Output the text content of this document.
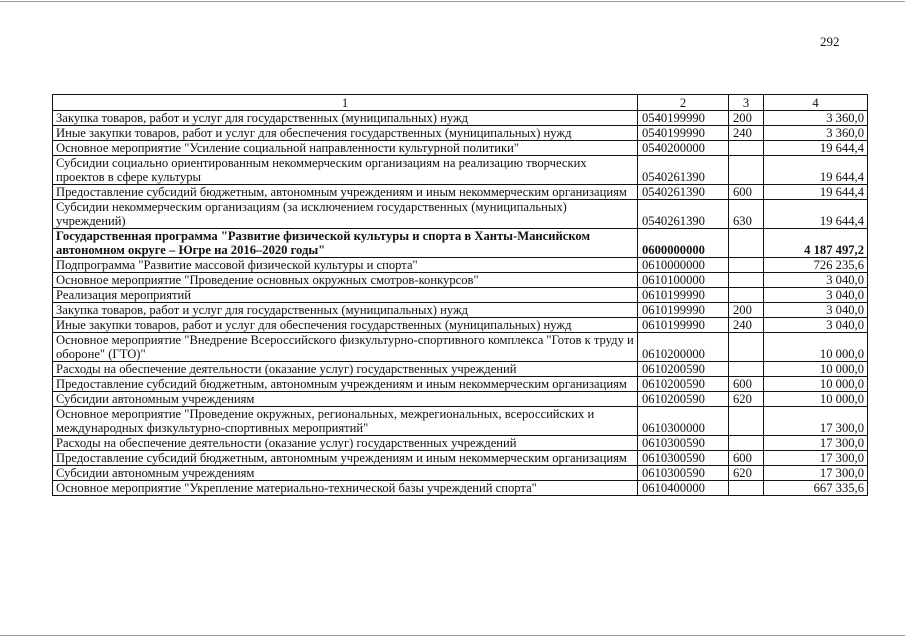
292
1	2	3	4
Закупка товаров, работ и услуг для государственных (муниципальных) нужд	0540199990	200	3 360,0
Иные закупки товаров, работ и услуг для обеспечения государственных (муниципальных) нужд	0540199990	240	3 360,0
Основное мероприятие "Усиление социальной направленности культурной политики"	0540200000		19 644,4
Субсидии социально ориентированным некоммерческим организациям на реализацию творческих проектов в сфере культуры	0540261390		19 644,4
Предоставление субсидий бюджетным, автономным учреждениям и иным некоммерческим организациям	0540261390	600	19 644,4
Субсидии некоммерческим организациям (за исключением государственных (муниципальных) учреждений)	0540261390	630	19 644,4
Государственная программа "Развитие физической культуры и спорта в Ханты-Мансийском автономном округе – Югре на 2016–2020 годы"	0600000000		4 187 497,2
Подпрограмма "Развитие массовой физической культуры и спорта"	0610000000		726 235,6
Основное мероприятие "Проведение основных окружных смотров-конкурсов"	0610100000		3 040,0
Реализация мероприятий	0610199990		3 040,0
Закупка товаров, работ и услуг для государственных (муниципальных) нужд	0610199990	200	3 040,0
Иные закупки товаров, работ и услуг для обеспечения государственных (муниципальных) нужд	0610199990	240	3 040,0
Основное мероприятие "Внедрение Всероссийского физкультурно-спортивного комплекса "Готов к труду и обороне" (ГТО)"	0610200000		10 000,0
Расходы на обеспечение деятельности (оказание услуг) государственных учреждений	0610200590		10 000,0
Предоставление субсидий бюджетным, автономным учреждениям и иным некоммерческим организациям	0610200590	600	10 000,0
Субсидии автономным учреждениям	0610200590	620	10 000,0
Основное мероприятие "Проведение окружных, региональных, межрегиональных, всероссийских и международных физкультурно-спортивных мероприятий"	0610300000		17 300,0
Расходы на обеспечение деятельности (оказание услуг) государственных учреждений	0610300590		17 300,0
Предоставление субсидий бюджетным, автономным учреждениям и иным некоммерческим организациям	0610300590	600	17 300,0
Субсидии автономным учреждениям	0610300590	620	17 300,0
Основное мероприятие "Укрепление материально-технической базы учреждений спорта"	0610400000		667 335,6
